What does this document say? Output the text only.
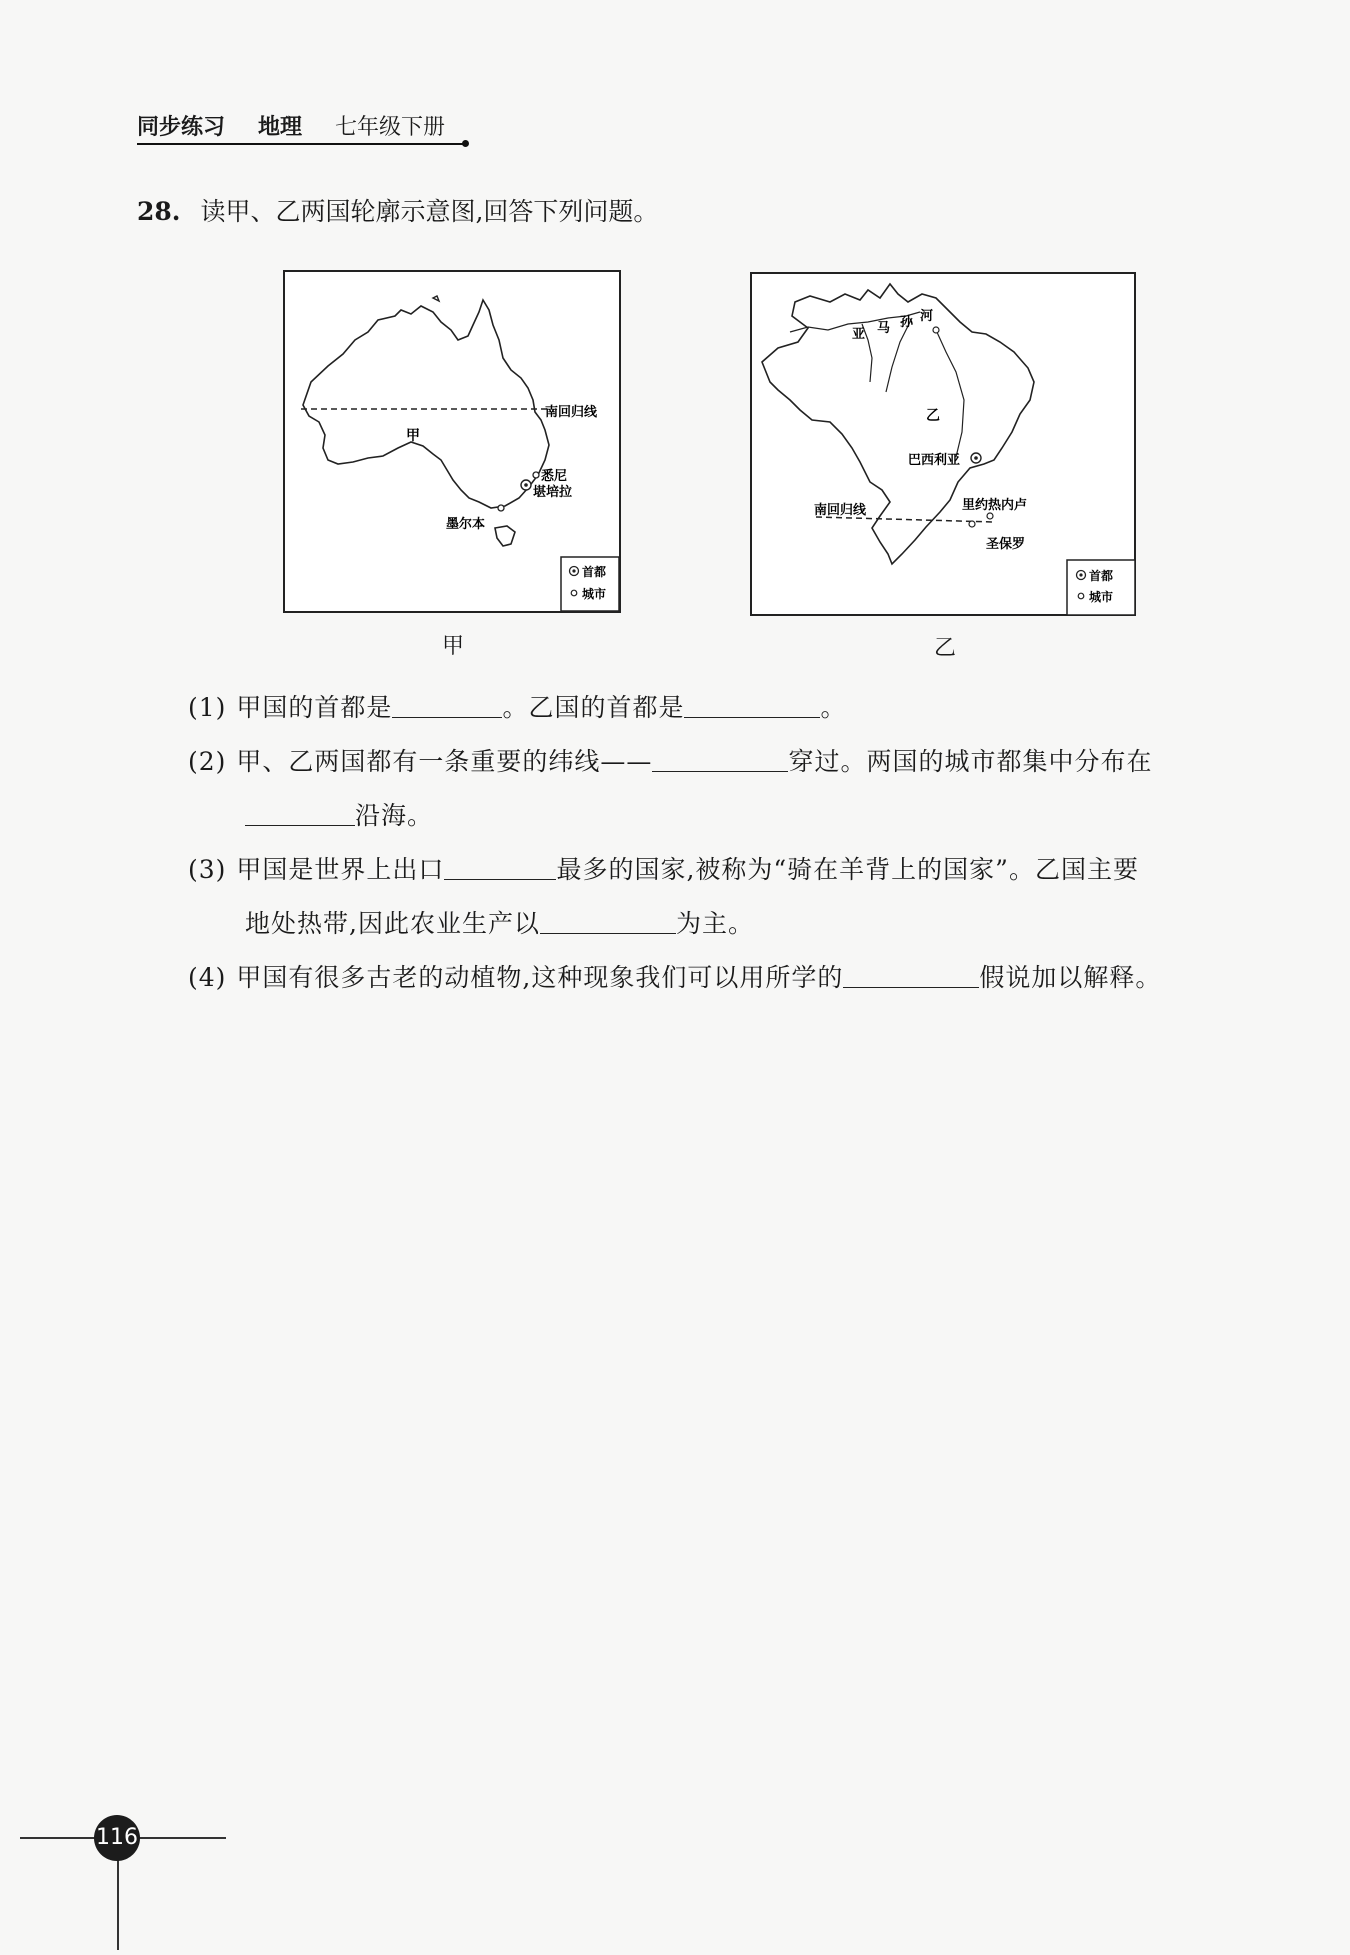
同步练习 地理 七年级下册
28. 读甲、乙两国轮廓示意图,回答下列问题。
南回归线
甲
悉尼
堪培拉
墨尔本
首都
城市
甲
亚 马 孙 河
乙
巴西利亚
南回归线	里约热内卢
圣保罗
首都
城市
乙
(1) 甲国的首都是	。乙国的首都是	。
(2) 甲、乙两国都有一条重要的纬线——	穿过。两国的城市都集中分布在
沿海。
(3) 甲国是世界上出口	最多的国家,被称为“骑在羊背上的国家”。乙国主要
地处热带,因此农业生产以	为主。
(4) 甲国有很多古老的动植物,这种现象我们可以用所学的	假说加以解释。
116
